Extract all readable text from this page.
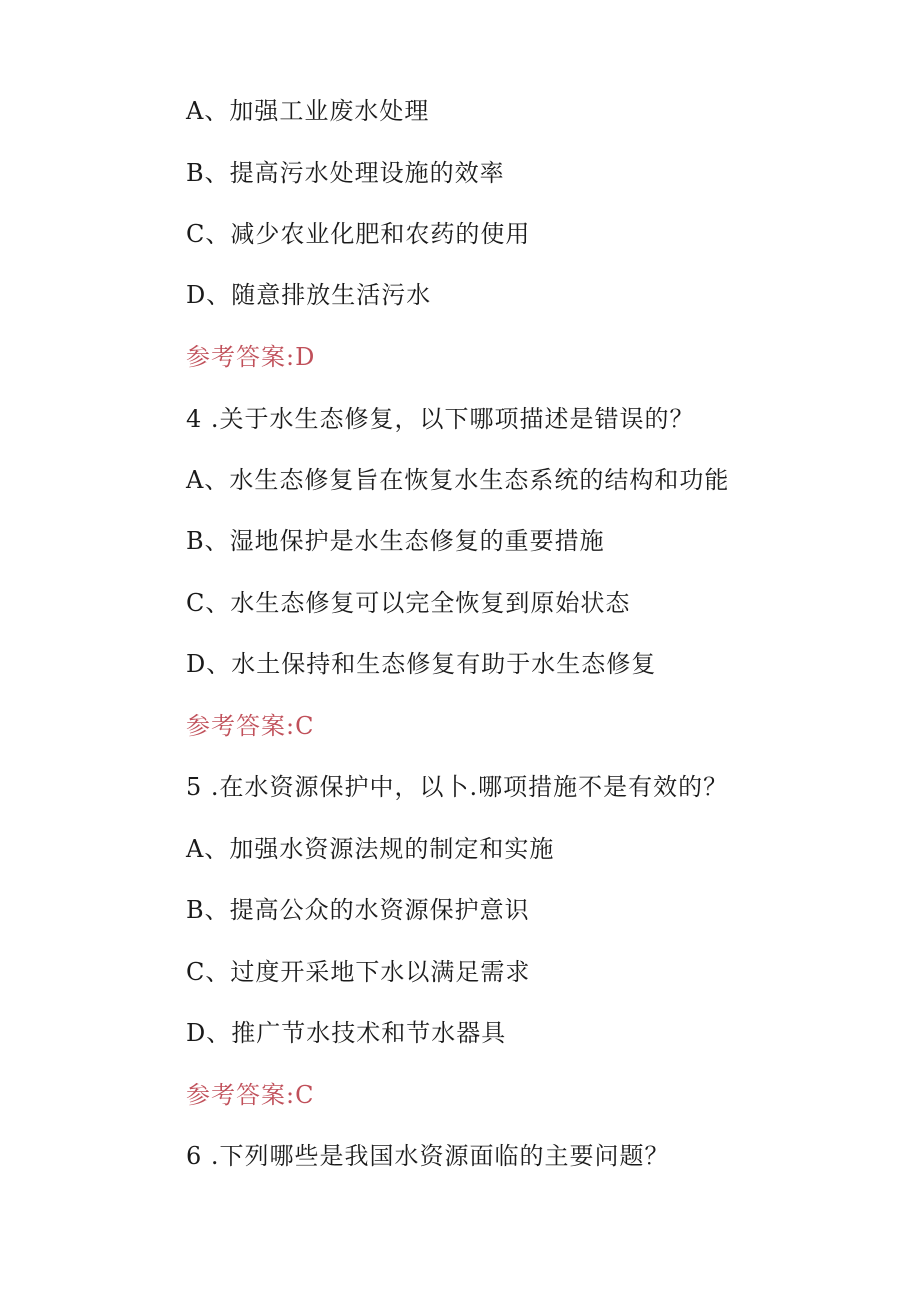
A、加强工业废水处理
B、提高污水处理设施的效率
C、减少农业化肥和农药的使用
D、随意排放生活污水
参考答案:D
4 .关于水生态修复，以下哪项描述是错误的？
A、水生态修复旨在恢复水生态系统的结构和功能
B、湿地保护是水生态修复的重要措施
C、水生态修复可以完全恢复到原始状态
D、水土保持和生态修复有助于水生态修复
参考答案:C
5 .在水资源保护中，以卜.哪项措施不是有效的？
A、加强水资源法规的制定和实施
B、提高公众的水资源保护意识
C、过度开采地下水以满足需求
D、推广节水技术和节水器具
参考答案:C
6 .下列哪些是我国水资源面临的主要问题？
